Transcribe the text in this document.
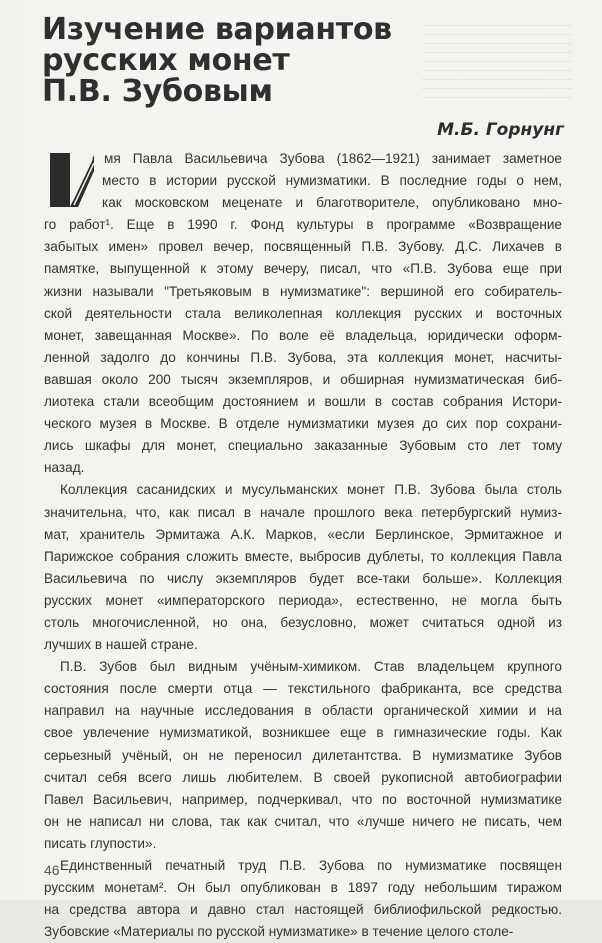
Изучение вариантов
русских монет
П.В. Зубовым
М.Б. Горнунг
мя Павла Васильевича Зубова (1862—1921) занимает заметное
место в истории русской нумизматики. В последние годы о нем,
как московском меценате и благотворителе, опубликовано мно-
го работ¹. Еще в 1990 г. Фонд культуры в программе «Возвращение
забытых имен» провел вечер, посвященный П.В. Зубову. Д.С. Лихачев в
памятке, выпущенной к этому вечеру, писал, что «П.В. Зубова еще при
жизни называли "Третьяковым в нумизматике": вершиной его собиратель-
ской деятельности стала великолепная коллекция русских и восточных
монет, завещанная Москве». По воле её владельца, юридически оформ-
ленной задолго до кончины П.В. Зубова, эта коллекция монет, насчиты-
вавшая около 200 тысяч экземпляров, и обширная нумизматическая биб-
лиотека стали всеобщим достоянием и вошли в состав собрания Истори-
ческого музея в Москве. В отделе нумизматики музея до сих пор сохрани-
лись шкафы для монет, специально заказанные Зубовым сто лет тому
назад.
Коллекция сасанидских и мусульманских монет П.В. Зубова была столь
значительна, что, как писал в начале прошлого века петербургский нумиз-
мат, хранитель Эрмитажа А.К. Марков, «если Берлинское, Эрмитажное и
Парижское собрания сложить вместе, выбросив дублеты, то коллекция Павла
Васильевича по числу экземпляров будет все-таки больше». Коллекция
русских монет «императорского периода», естественно, не могла быть
столь многочисленной, но она, безусловно, может считаться одной из
лучших в нашей стране.
П.В. Зубов был видным учёным-химиком. Став владельцем крупного
состояния после смерти отца — текстильного фабриканта, все средства
направил на научные исследования в области органической химии и на
свое увлечение нумизматикой, возникшее еще в гимназические годы. Как
серьезный учёный, он не переносил дилетантства. В нумизматике Зубов
считал себя всего лишь любителем. В своей рукописной автобиографии
Павел Васильевич, например, подчеркивал, что по восточной нумизматике
он не написал ни слова, так как считал, что «лучше ничего не писать, чем
писать глупости».
Единственный печатный труд П.В. Зубова по нумизматике посвящен
русским монетам². Он был опубликован в 1897 году небольшим тиражом
на средства автора и давно стал настоящей библиофильской редкостью.
Зубовские «Материалы по русской нумизматике» в течение целого столе-
46
